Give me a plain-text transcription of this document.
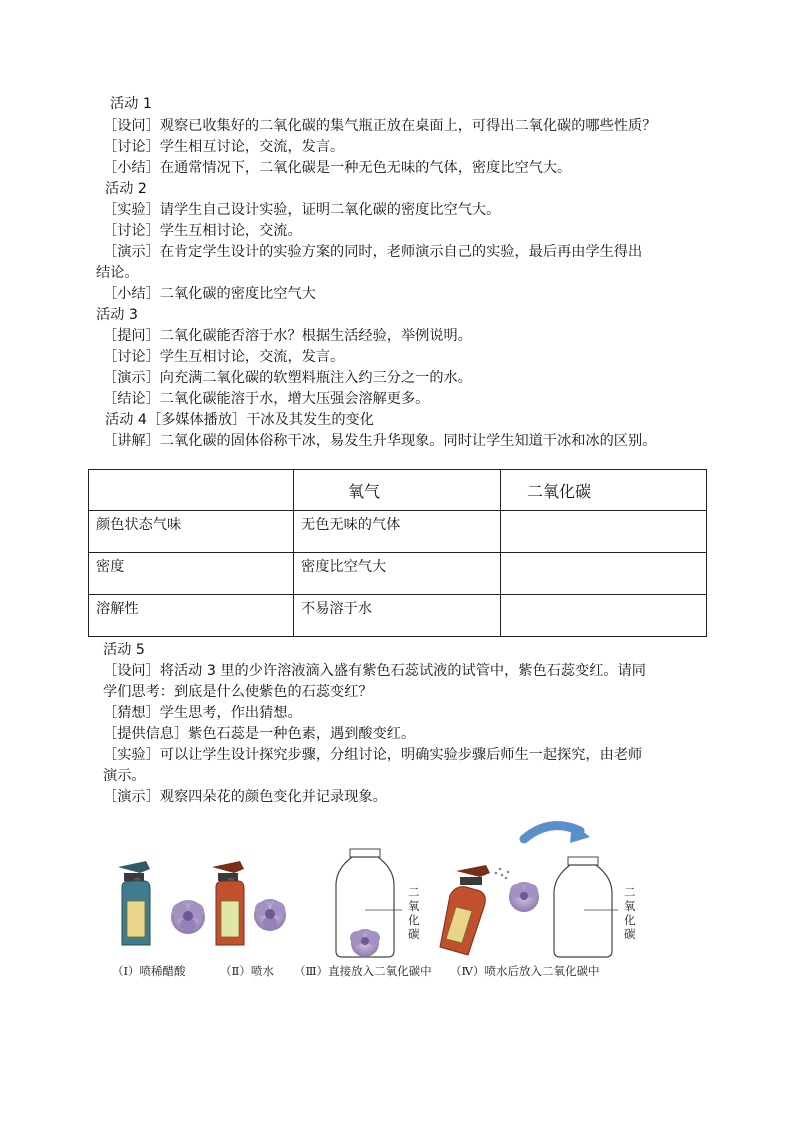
活动 1
［设问］观察已收集好的二氧化碳的集气瓶正放在桌面上，可得出二氧化碳的哪些性质？
［讨论］学生相互讨论，交流，发言。
［小结］在通常情况下，二氧化碳是一种无色无味的气体，密度比空气大。
活动 2
［实验］请学生自己设计实验，证明二氧化碳的密度比空气大。
［讨论］学生互相讨论，交流。
［演示］在肯定学生设计的实验方案的同时，老师演示自己的实验，最后再由学生得出
结论。
［小结］二氧化碳的密度比空气大
活动 3
［提问］二氧化碳能否溶于水？根据生活经验，举例说明。
［讨论］学生互相讨论，交流，发言。
［演示］向充满二氧化碳的软塑料瓶注入约三分之一的水。
［结论］二氧化碳能溶于水，增大压强会溶解更多。
活动 4［多媒体播放］干冰及其发生的变化
［讲解］二氧化碳的固体俗称干冰，易发生升华现象。同时让学生知道干冰和冰的区别。
	氧气	二氧化碳

颜色状态气味	无色无味的气体	

密度	密度比空气大	

溶解性	不易溶于水	

活动 5
［设问］将活动 3 里的少许溶液滴入盛有紫色石蕊试液的试管中，紫色石蕊变红。请同
学们思考：到底是什么使紫色的石蕊变红？
［猜想］学生思考，作出猜想。
［提供信息］紫色石蕊是一种色素，遇到酸变红。
［实验］可以让学生设计探究步骤，分组讨论，明确实验步骤后师生一起探究，由老师
演示。
［演示］观察四朵花的颜色变化并记录现象。
二氧化碳
二氧化碳
（Ⅰ）喷稀醋酸	（Ⅱ）喷水 （Ⅲ）直接放入二氧化碳中 （Ⅳ）喷水后放入二氧化碳中
